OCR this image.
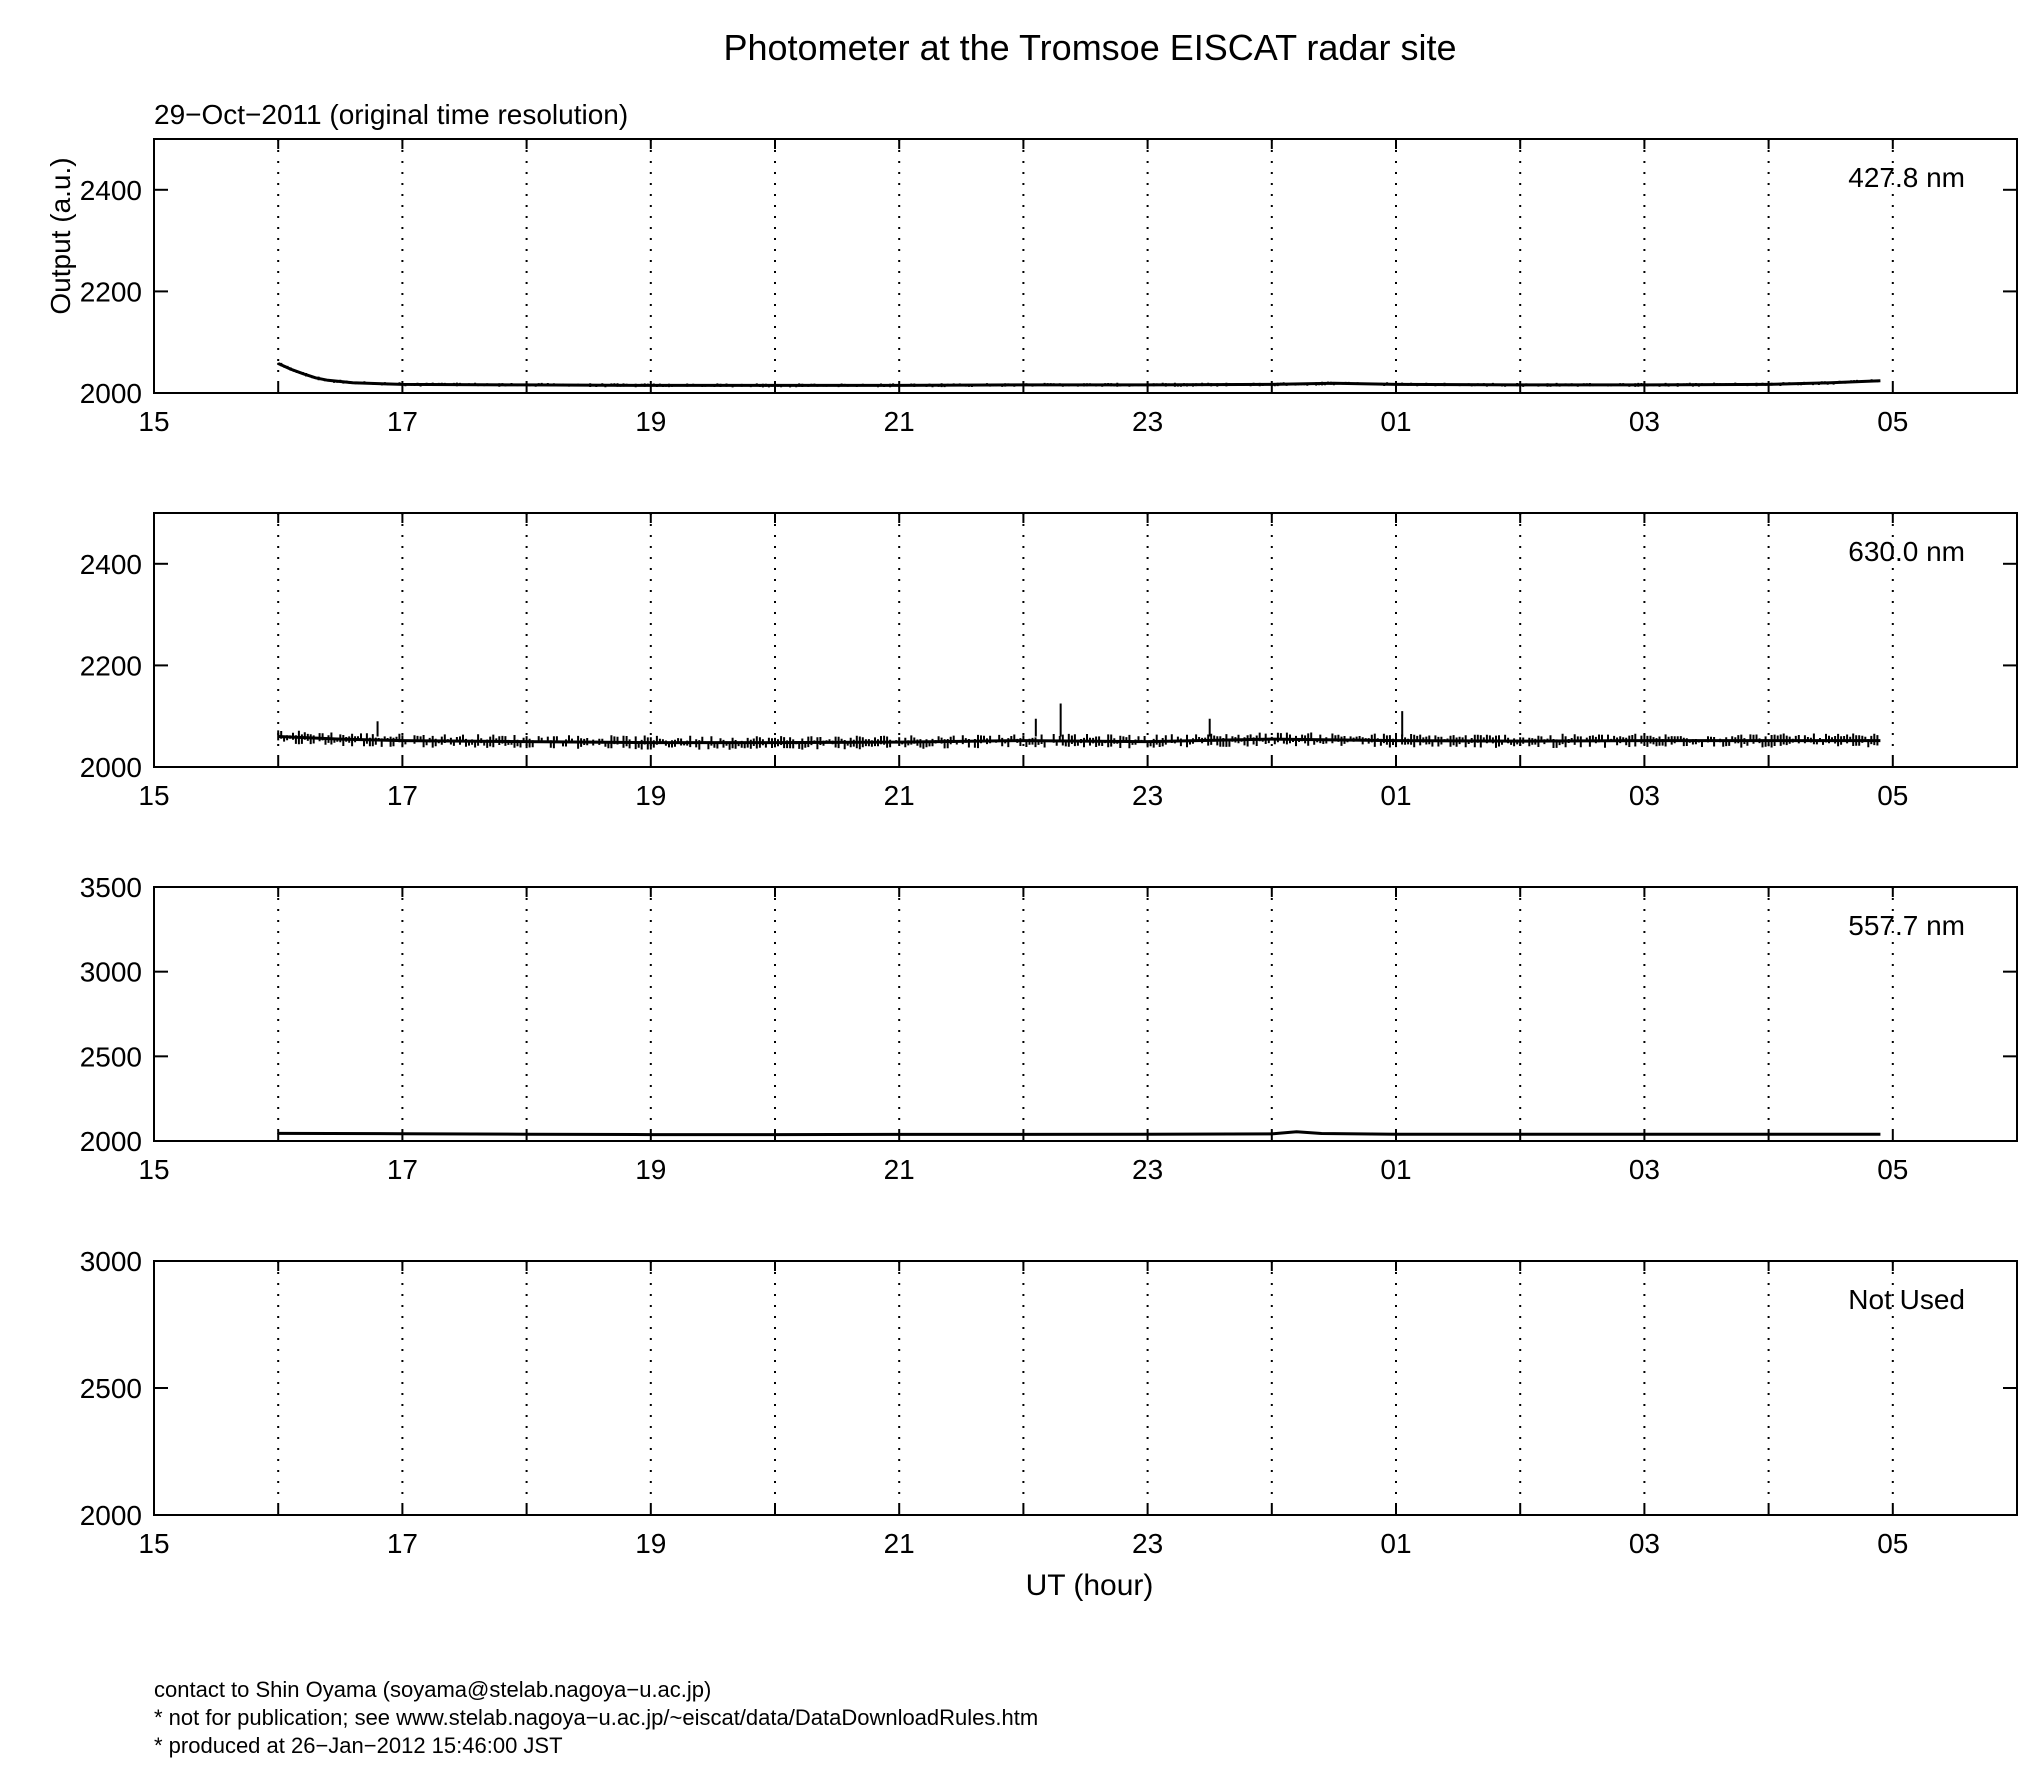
Photometer at the Tromsoe EISCAT radar site
29−Oct−2011 (original time resolution)
15	17	19	21	23	01	03	05
2000
2200
2400	427.8 nm
Output (a.u.)
15	17	19	21	23	01	03	05
2000
2200
2400	630.0 nm
15	17	19	21	23	01	03	05
2000
2500
3000
3500
557.7 nm
15	17	19	21	23	01	03	05
2000
2500
3000
Not Used
UT (hour)
contact to Shin Oyama (soyama@stelab.nagoya−u.ac.jp)
* not for publication; see www.stelab.nagoya−u.ac.jp/~eiscat/data/DataDownloadRules.htm
* produced at 26−Jan−2012 15:46:00 JST
